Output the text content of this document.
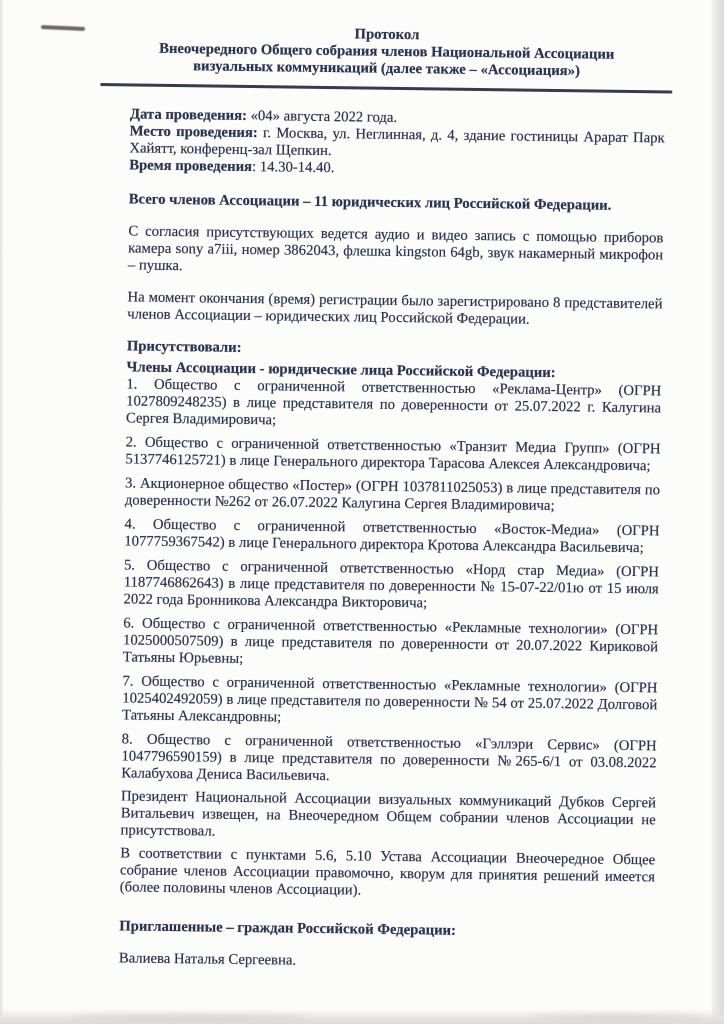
Протокол
Внеочередного Общего собрания членов Национальной Ассоциации
визуальных коммуникаций (далее также – «Ассоциация»)
Дата проведения: «04» августа 2022 года.
Место проведения: г. Москва, ул. Неглинная, д. 4, здание гостиницы Арарат Парк Хайятт, конференц-зал Щепкин.
Время проведения: 14.30-14.40.

Всего членов Ассоциации – 11 юридических лиц Российской Федерации.

С согласия присутствующих ведется аудио и видео запись с помощью приборов камера sony a7iii, номер 3862043, флешка kingston 64gb, звук накамерный микрофон – пушка.

На момент окончания (время) регистрации было зарегистрировано 8 представителей членов Ассоциации – юридических лиц Российской Федерации.

Присутствовали:

Члены Ассоциации - юридические лица Российской Федерации:

1. Общество с ограниченной ответственностью «Реклама-Центр» (ОГРН 1027809248235) в лице представителя по доверенности от 25.07.2022 г. Калугина Сергея Владимировича;

2. Общество с ограниченной ответственностью «Транзит Медиа Групп» (ОГРН 5137746125721) в лице Генерального директора Тарасова Алексея Александровича;

3. Акционерное общество «Постер» (ОГРН 1037811025053) в лице представителя по доверенности №262 от 26.07.2022 Калугина Сергея Владимировича;

4. Общество с ограниченной ответственностью «Восток-Медиа» (ОГРН 1077759367542) в лице Генерального директора Кротова Александра Васильевича;

5. Общество с ограниченной ответственностью «Норд стар Медиа» (ОГРН 1187746862643) в лице представителя по доверенности № 15-07-22/01ю от 15 июля 2022 года Бронникова Александра Викторовича;

6. Общество с ограниченной ответственностью «Рекламные технологии» (ОГРН 1025000507509) в лице представителя по доверенности от 20.07.2022 Кириковой Татьяны Юрьевны;

7. Общество с ограниченной ответственностью «Рекламные технологии» (ОГРН 1025402492059) в лице представителя по доверенности № 54 от 25.07.2022 Долговой Татьяны Александровны;

8. Общество с ограниченной ответственностью «Гэллэри Сервис» (ОГРН 1047796590159) в лице представителя по доверенности №265-6/1 от 03.08.2022 Калабухова Дениса Васильевича.

Президент Национальной Ассоциации визуальных коммуникаций Дубков Сергей Витальевич извещен, на Внеочередном Общем собрании членов Ассоциации не присутствовал.

В соответствии с пунктами 5.6, 5.10 Устава Ассоциации Внеочередное Общее собрание членов Ассоциации правомочно, кворум для принятия решений имеется (более половины членов Ассоциации).

Приглашенные – граждан Российской Федерации:

Валиева Наталья Сергеевна.
